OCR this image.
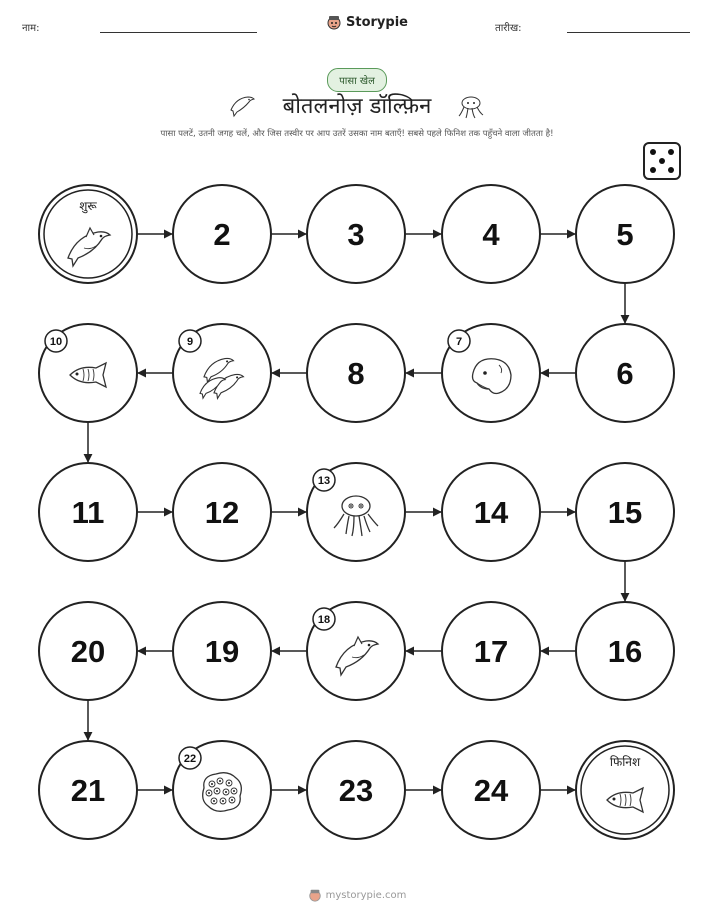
नाम:	Storypie	तारीख:
पासा खेल
बोतलनोज़ डॉल्फ़िन
पासा पलटें, उतनी जगह चलें, और जिस तस्वीर पर आप उतरें उसका नाम बताएँ! सबसे पहले फिनिश तक पहुँचने वाला जीतता है!
शुरू
2	3	4	5
10	9
8
7
6
11	12
13
14	15
20	19
18
17	16
21
22
23	24
फिनिश
mystorypie.com
